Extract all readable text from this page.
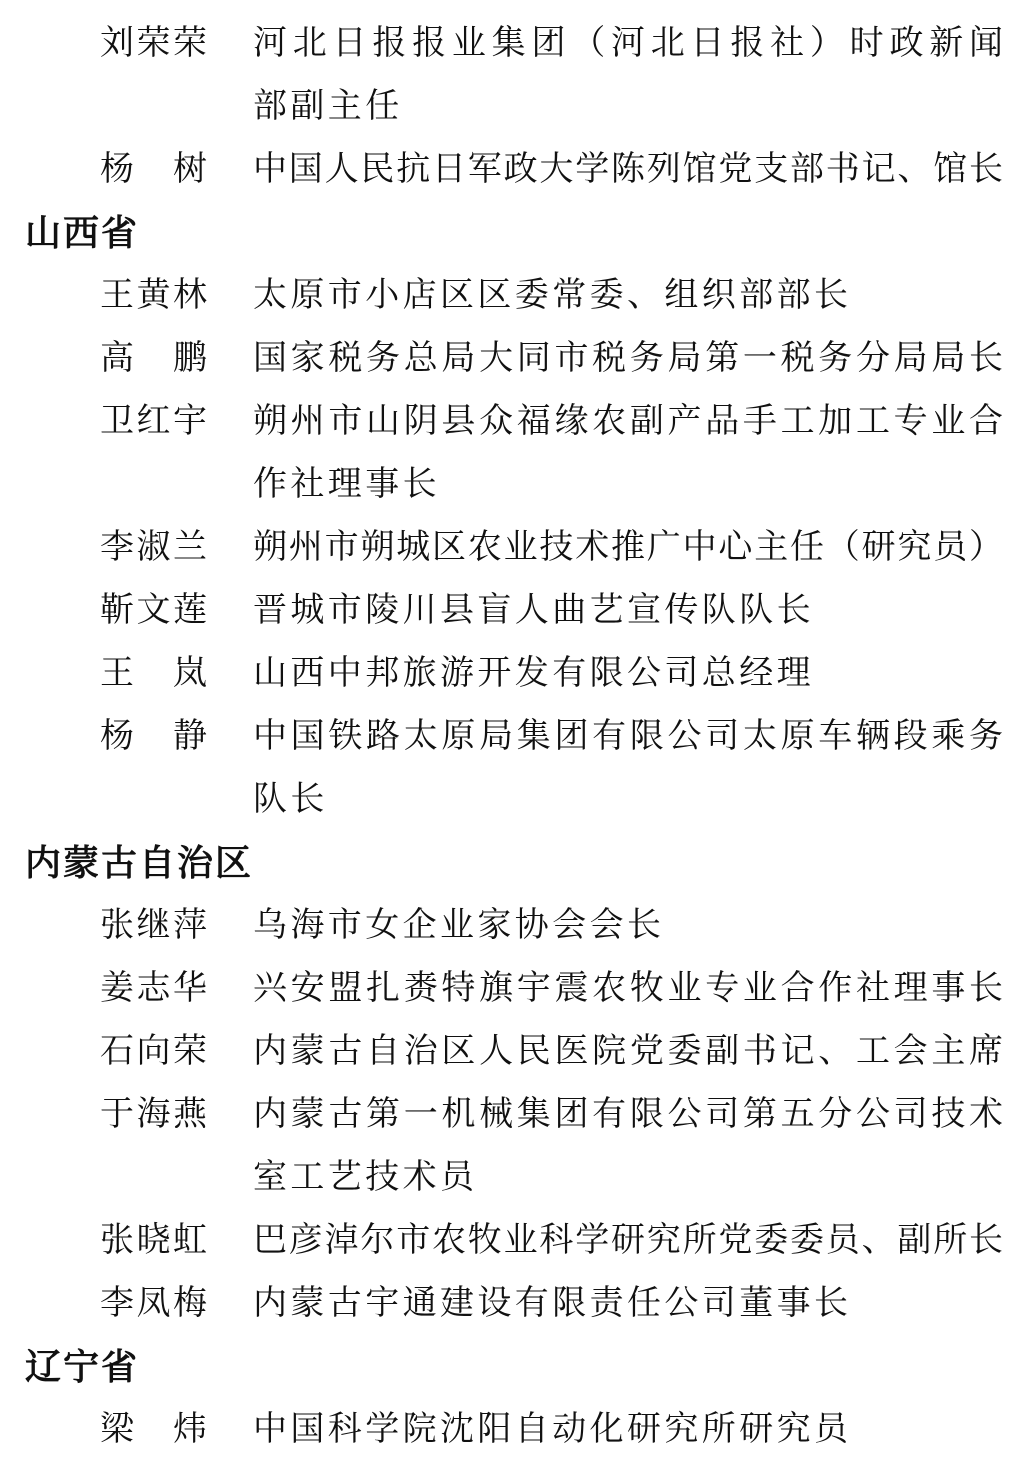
刘荣荣 河北日报报业集团（河北日报社）时政新闻
部副主任
杨树 中国人民抗日军政大学陈列馆党支部书记、馆长
山西省
王黄林 太原市小店区区委常委、组织部部长
高鹏 国家税务总局大同市税务局第一税务分局局长
卫红宇 朔州市山阴县众福缘农副产品手工加工专业合
作社理事长
李淑兰 朔州市朔城区农业技术推广中心主任（研究员）
靳文莲 晋城市陵川县盲人曲艺宣传队队长
王岚 山西中邦旅游开发有限公司总经理
杨静 中国铁路太原局集团有限公司太原车辆段乘务
队长
内蒙古自治区
张继萍 乌海市女企业家协会会长
姜志华 兴安盟扎赉特旗宇震农牧业专业合作社理事长
石向荣 内蒙古自治区人民医院党委副书记、工会主席
于海燕 内蒙古第一机械集团有限公司第五分公司技术
室工艺技术员
张晓虹 巴彦淖尔市农牧业科学研究所党委委员、副所长
李凤梅 内蒙古宇通建设有限责任公司董事长
辽宁省
梁炜 中国科学院沈阳自动化研究所研究员
